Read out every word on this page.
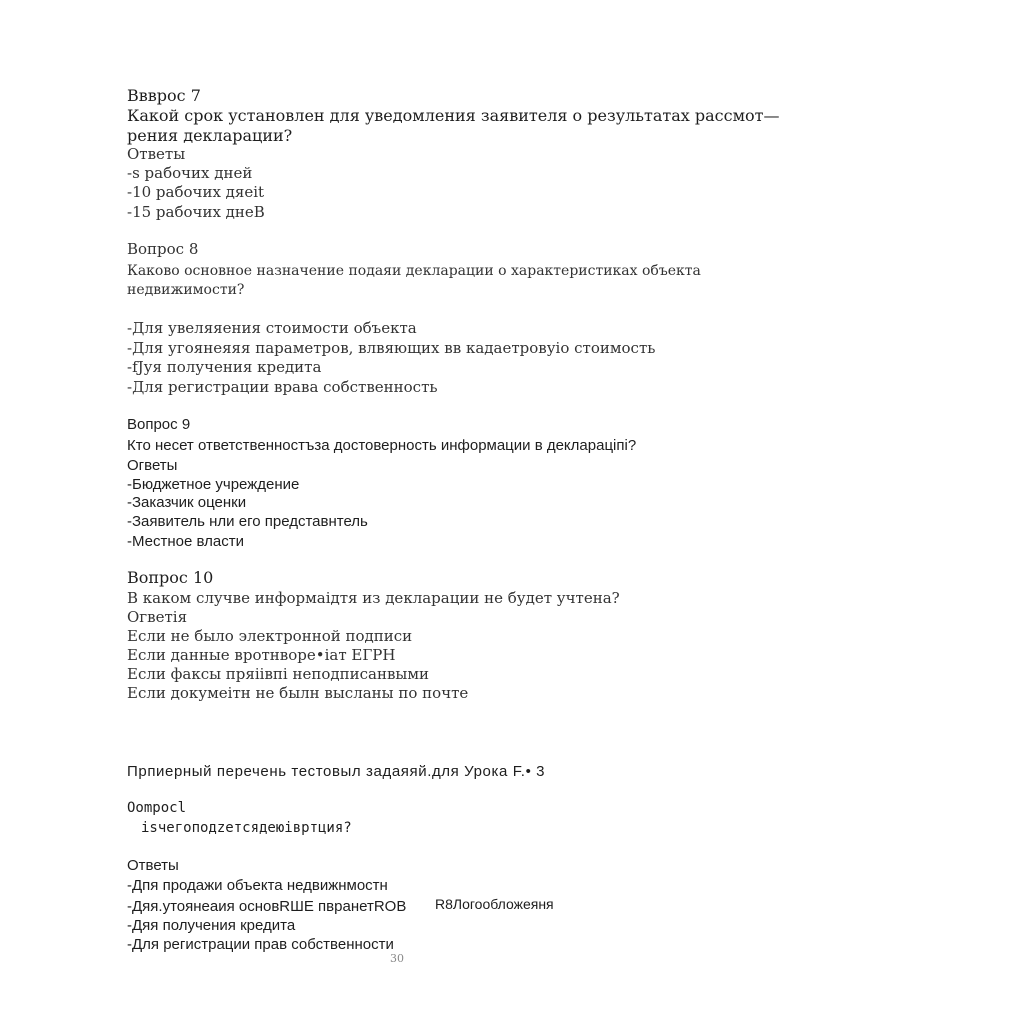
Ввврос 7
Какой срок установлен для уведомления заявителя о результатах рассмот—
рения декларации?
Ответы
-s рабочих дней
-10 рабочих дяеit
-15 рабочих днеВ
Вопрос 8
Каково основное назначение подаяи декларации о характеристиках объекта
недвижимости?
-Для увеляяения стоимости объекта
-Для угоянеяяя параметров, влвяющих вв кадаетровуio стоимость
-fJуя получения кредита
-Для регистрации врава собственность
Вопрос 9
Кто несет ответственностъза достоверность информации в декларацiпi?
Огветы
-Бюджетное учреждение
-Заказчик оценки
-Заявитель нли его представнтель
-Местное власти
Вопрос 10
В каком случве информаiдтя из декларации не будет учтена?
Огветія
Если не было электронной подписи
Если данные вротнворе•iат ЕГРН
Если факсы пряiiвпi неподписанвыми
Если докумеiтн не былн высланы по почте
Прпиерный перечень тестовыл задаяяй.для Урока F.• 3
Оompocl
isчегоподzетсядеюiвртция?
Ответы
-Дпя продажи объекта недвижнмостн
-Дяя.утоянеаия основRШE пвранетRОВ
-Дяя получения кредита
-Для регистрации прав собственности
R8Логообложеяня
30
